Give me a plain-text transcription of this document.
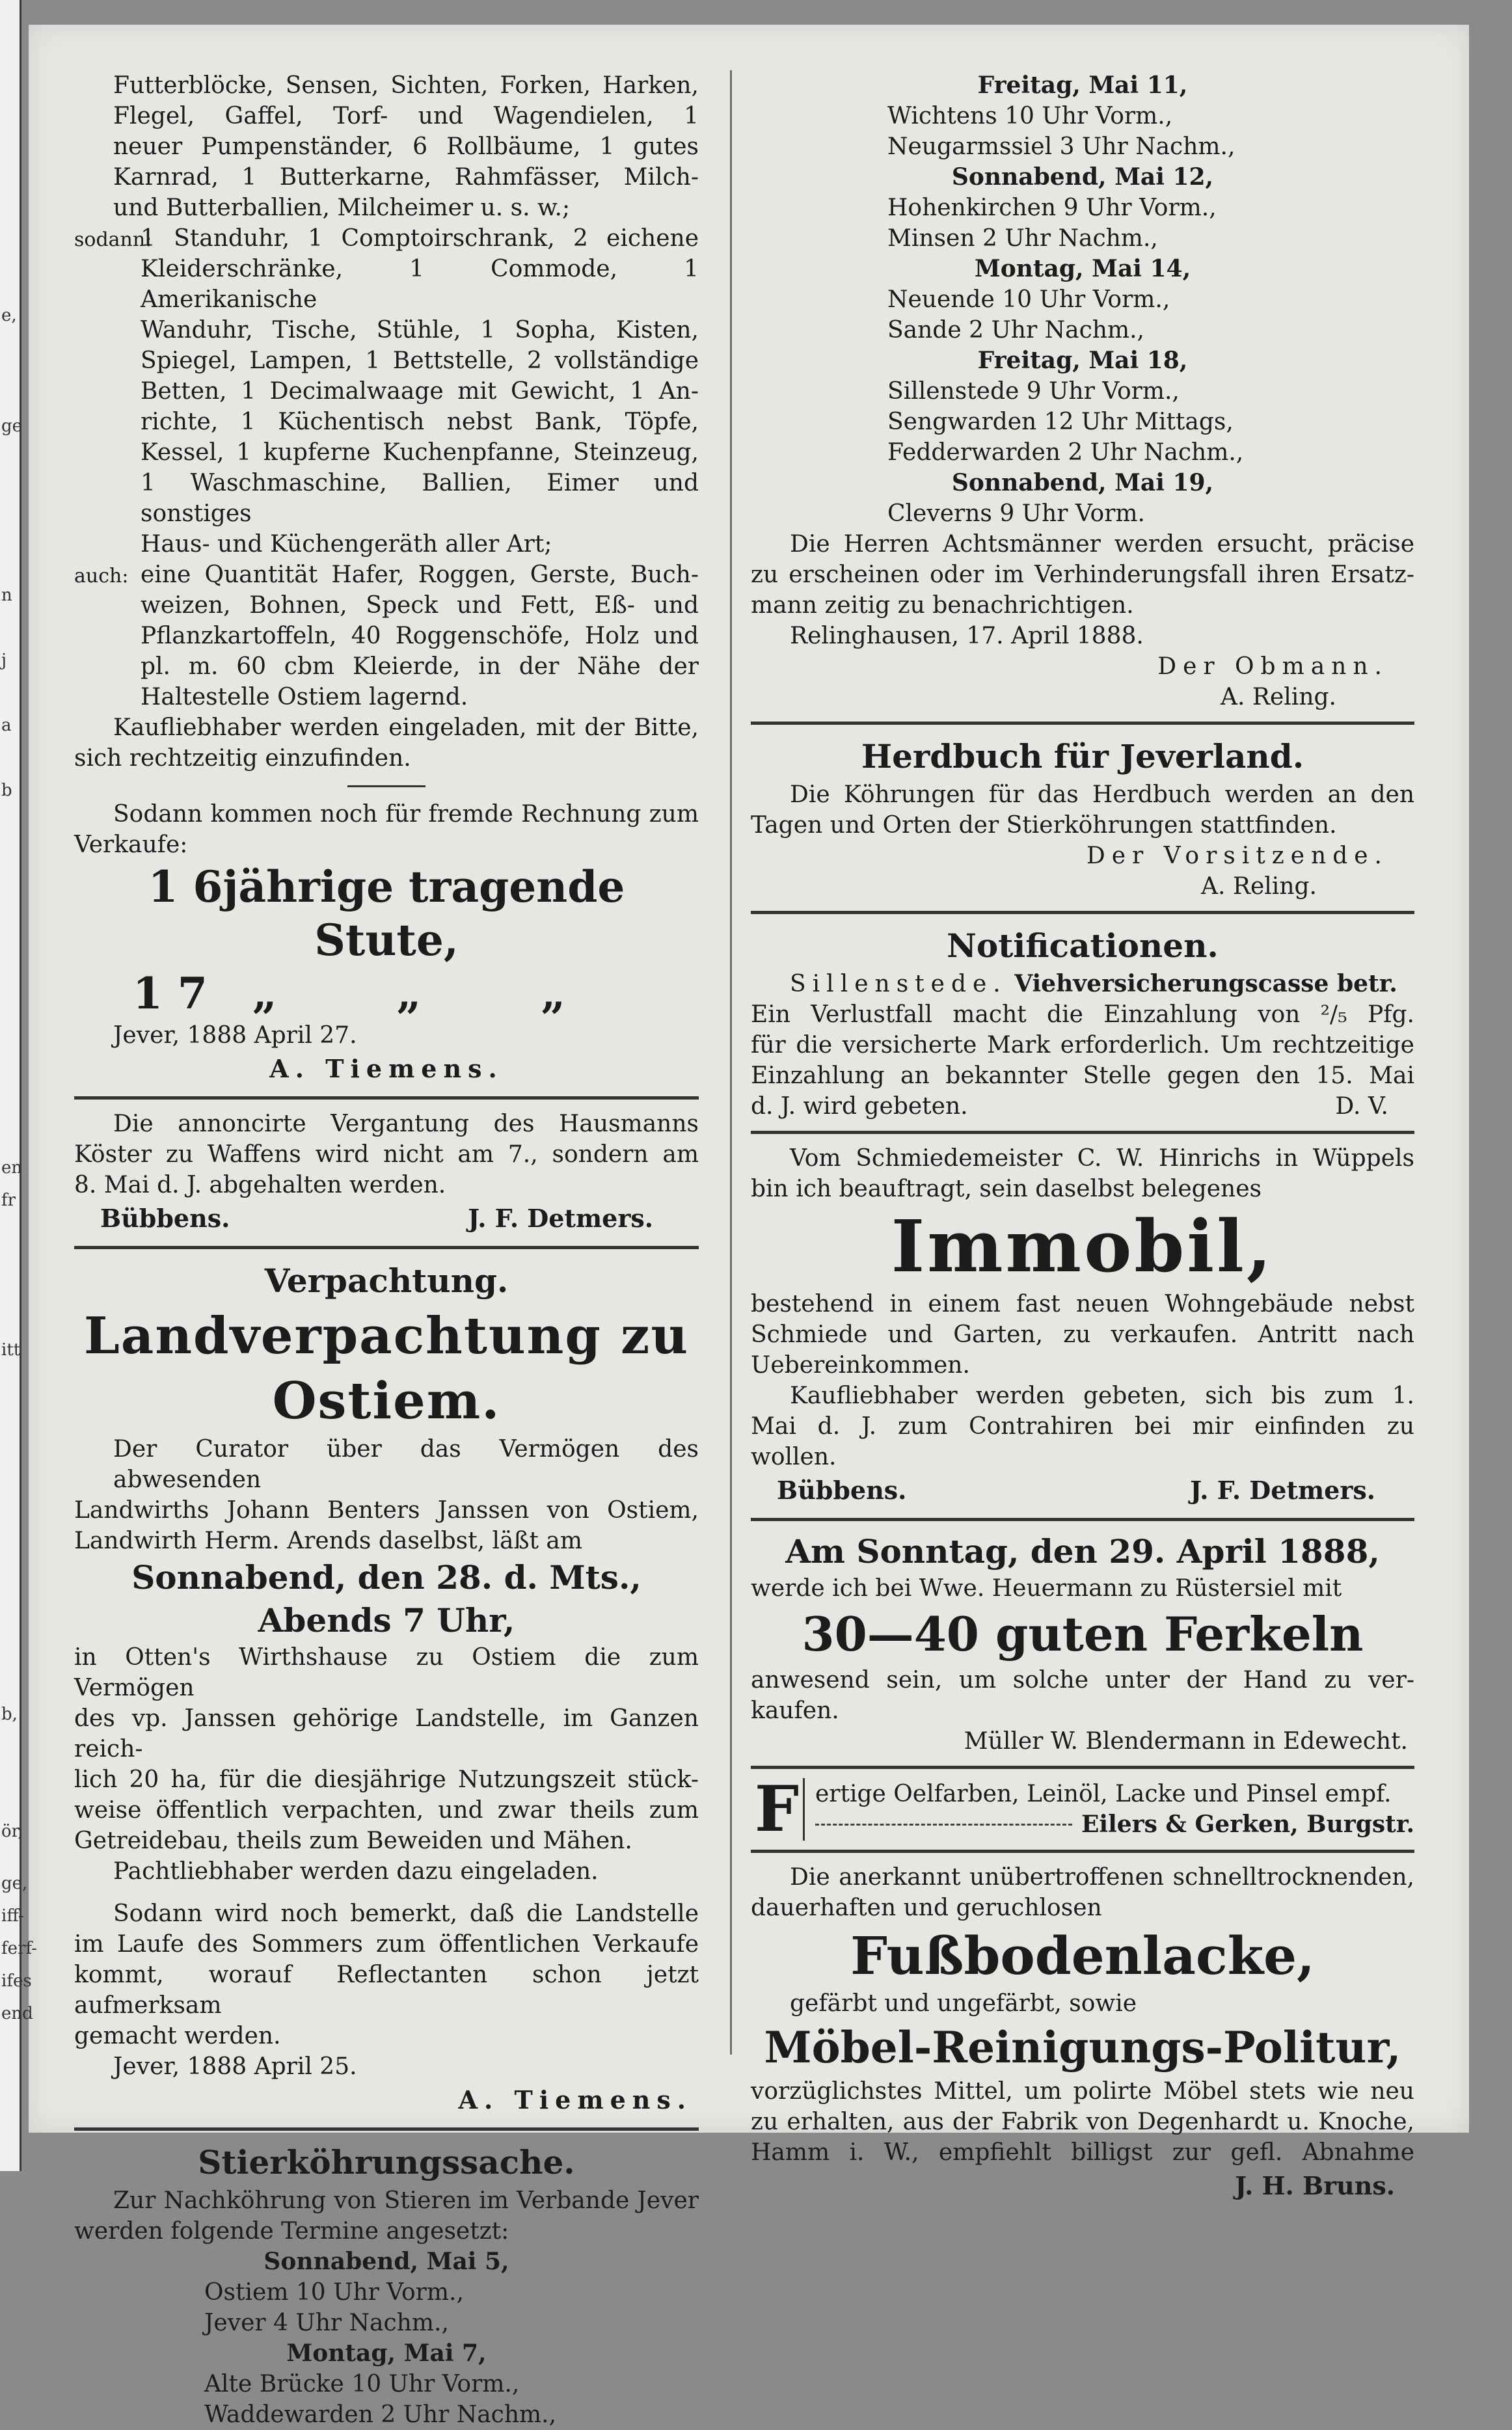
Futterblöcke, Sensen, Sichten, Forken, Harken,

Flegel, Gaffel, Torf- und Wagendielen, 1

neuer Pumpenständer, 6 Rollbäume, 1 gutes

Karnrad, 1 Butterkarne, Rahmfässer, Milch-

und Butterballien, Milcheimer u. s. w.;

sodann:

1 Standuhr, 1 Comptoirschrank, 2 eichene

Kleiderschränke, 1 Commode, 1 Amerikanische

Wanduhr, Tische, Stühle, 1 Sopha, Kisten,

Spiegel, Lampen, 1 Bettstelle, 2 vollständige

Betten, 1 Decimalwaage mit Gewicht, 1 An-

richte, 1 Küchentisch nebst Bank, Töpfe,

Kessel, 1 kupferne Kuchenpfanne, Steinzeug,

1 Waschmaschine, Ballien, Eimer und sonstiges

Haus- und Küchengeräth aller Art;

auch: eine Quantität Hafer, Roggen, Gerste, Buch-

weizen, Bohnen, Speck und Fett, Eß- und

Pflanzkartoffeln, 40 Roggenschöfe, Holz und

pl. m. 60 cbm Kleierde, in der Nähe der

Haltestelle Ostiem lagernd.

Kaufliebhaber werden eingeladen, mit der Bitte,

sich rechtzeitig einzufinden.

Sodann kommen noch für fremde Rechnung zum

Verkaufe:

1 6jährige tragende Stute,

1 7   „        „        „

Jever, 1888 April 27.

A. Tiemens.

Die annoncirte Vergantung des Hausmanns

Köster zu Waffens wird nicht am 7., sondern am

8. Mai d. J. abgehalten werden.

Bübbens.	J. F. Detmers.

Verpachtung.

Landverpachtung zu Ostiem.

Der Curator über das Vermögen des abwesenden

Landwirths Johann Benters Janssen von Ostiem,

Landwirth Herm. Arends daselbst, läßt am

Sonnabend, den 28. d. Mts.,

Abends 7 Uhr,

in Otten's Wirthshause zu Ostiem die zum Vermögen

des vp. Janssen gehörige Landstelle, im Ganzen reich-

lich 20 ha, für die diesjährige Nutzungszeit stück-

weise öffentlich verpachten, und zwar theils zum

Getreidebau, theils zum Beweiden und Mähen.

Pachtliebhaber werden dazu eingeladen.

Sodann wird noch bemerkt, daß die Landstelle

im Laufe des Sommers zum öffentlichen Verkaufe

kommt, worauf Reflectanten schon jetzt aufmerksam

gemacht werden.

Jever, 1888 April 25.

A. Tiemens.

Stierköhrungssache.

Zur Nachköhrung von Stieren im Verbande Jever

werden folgende Termine angesetzt:

Sonnabend, Mai 5,

Ostiem 10 Uhr Vorm.,

Jever 4 Uhr Nachm.,

Montag, Mai 7,

Alte Brücke 10 Uhr Vorm.,

Waddewarden 2 Uhr Nachm.,

Freitag, Mai 11,

Wichtens 10 Uhr Vorm.,

Neugarmssiel 3 Uhr Nachm.,

Sonnabend, Mai 12,

Hohenkirchen 9 Uhr Vorm.,

Minsen 2 Uhr Nachm.,

Montag, Mai 14,

Neuende 10 Uhr Vorm.,

Sande 2 Uhr Nachm.,

Freitag, Mai 18,

Sillenstede 9 Uhr Vorm.,

Sengwarden 12 Uhr Mittags,

Fedderwarden 2 Uhr Nachm.,

Sonnabend, Mai 19,

Cleverns 9 Uhr Vorm.

Die Herren Achtsmänner werden ersucht, präcise

zu erscheinen oder im Verhinderungsfall ihren Ersatz-

mann zeitig zu benachrichtigen.

Relinghausen, 17. April 1888.

Der Obmann.

A. Reling.

Herdbuch für Jeverland.

Die Köhrungen für das Herdbuch werden an den

Tagen und Orten der Stierköhrungen stattfinden.

Der Vorsitzende.

A. Reling.

Notificationen.

Sillenstede. Viehversicherungscasse betr.

Ein Verlustfall macht die Einzahlung von ²/₅ Pfg.

für die versicherte Mark erforderlich. Um rechtzeitige

Einzahlung an bekannter Stelle gegen den 15. Mai

d. J. wird gebeten.	D. V.

Vom Schmiedemeister C. W. Hinrichs in Wüppels

bin ich beauftragt, sein daselbst belegenes

Immobil,

bestehend in einem fast neuen Wohngebäude nebst

Schmiede und Garten, zu verkaufen. Antritt nach

Uebereinkommen.

Kaufliebhaber werden gebeten, sich bis zum 1.

Mai d. J. zum Contrahiren bei mir einfinden zu

wollen.

Bübbens.	J. F. Detmers.

Am Sonntag, den 29. April 1888,

werde ich bei Wwe. Heuermann zu Rüstersiel mit

30—40 guten Ferkeln

anwesend sein, um solche unter der Hand zu ver-

kaufen.

Müller W. Blendermann in Edewecht.

F ertige Oelfarben, Leinöl, Lacke und Pinsel empf.

Eilers & Gerken, Burgstr.

Die anerkannt unübertroffenen schnelltrocknenden,

dauerhaften und geruchlosen

Fußbodenlacke,

gefärbt und ungefärbt, sowie

Möbel-Reinigungs-Politur,

vorzüglichstes Mittel, um polirte Möbel stets wie neu

zu erhalten, aus der Fabrik von Degenhardt u. Knoche,

Hamm i. W., empfiehlt billigst zur gefl. Abnahme

J. H. Bruns.

e,
ge
n
j
a
b
en
fr
itt
b,
ör,
ge,
iff-
ferf-
ifes
end
